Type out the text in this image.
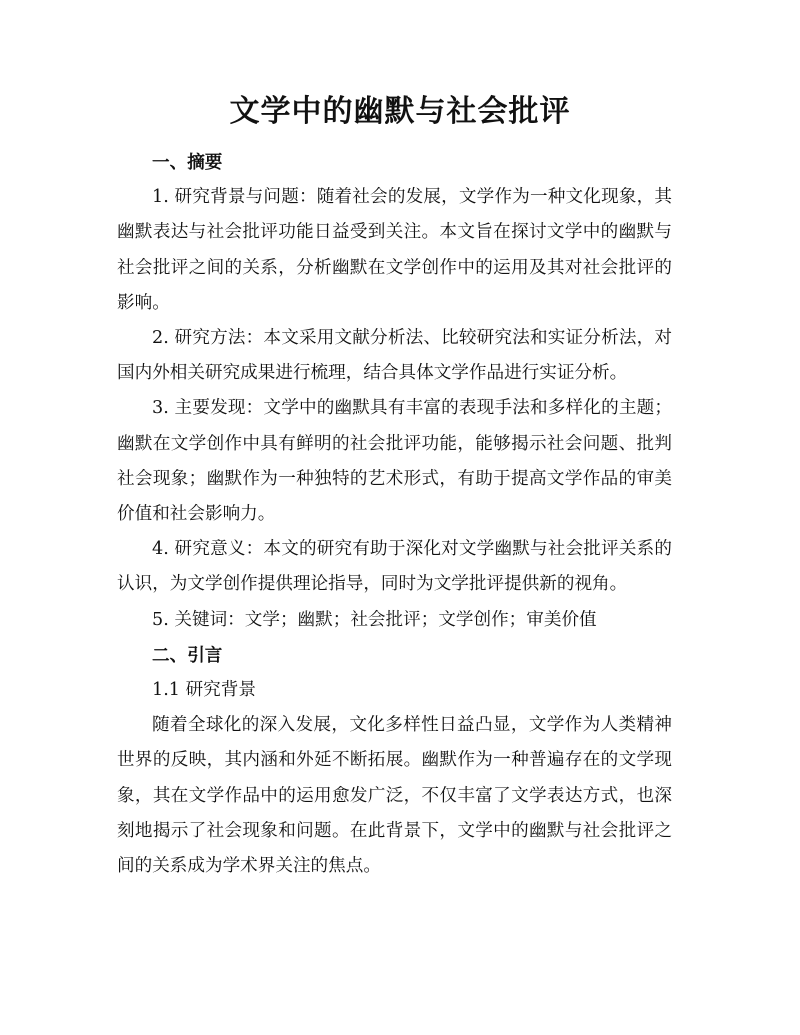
文学中的幽默与社会批评

一、摘要

1. 研究背景与问题：随着社会的发展，文学作为一种文化现象，其幽默表达与社会批评功能日益受到关注。本文旨在探讨文学中的幽默与社会批评之间的关系，分析幽默在文学创作中的运用及其对社会批评的影响。

2. 研究方法：本文采用文献分析法、比较研究法和实证分析法，对国内外相关研究成果进行梳理，结合具体文学作品进行实证分析。

3. 主要发现：文学中的幽默具有丰富的表现手法和多样化的主题；幽默在文学创作中具有鲜明的社会批评功能，能够揭示社会问题、批判社会现象；幽默作为一种独特的艺术形式，有助于提高文学作品的审美价值和社会影响力。

4. 研究意义：本文的研究有助于深化对文学幽默与社会批评关系的认识，为文学创作提供理论指导，同时为文学批评提供新的视角。

5. 关键词：文学；幽默；社会批评；文学创作；审美价值

二、引言

1.1 研究背景

随着全球化的深入发展，文化多样性日益凸显，文学作为人类精神世界的反映，其内涵和外延不断拓展。幽默作为一种普遍存在的文学现象，其在文学作品中的运用愈发广泛，不仅丰富了文学表达方式，也深刻地揭示了社会现象和问题。在此背景下，文学中的幽默与社会批评之间的关系成为学术界关注的焦点。
